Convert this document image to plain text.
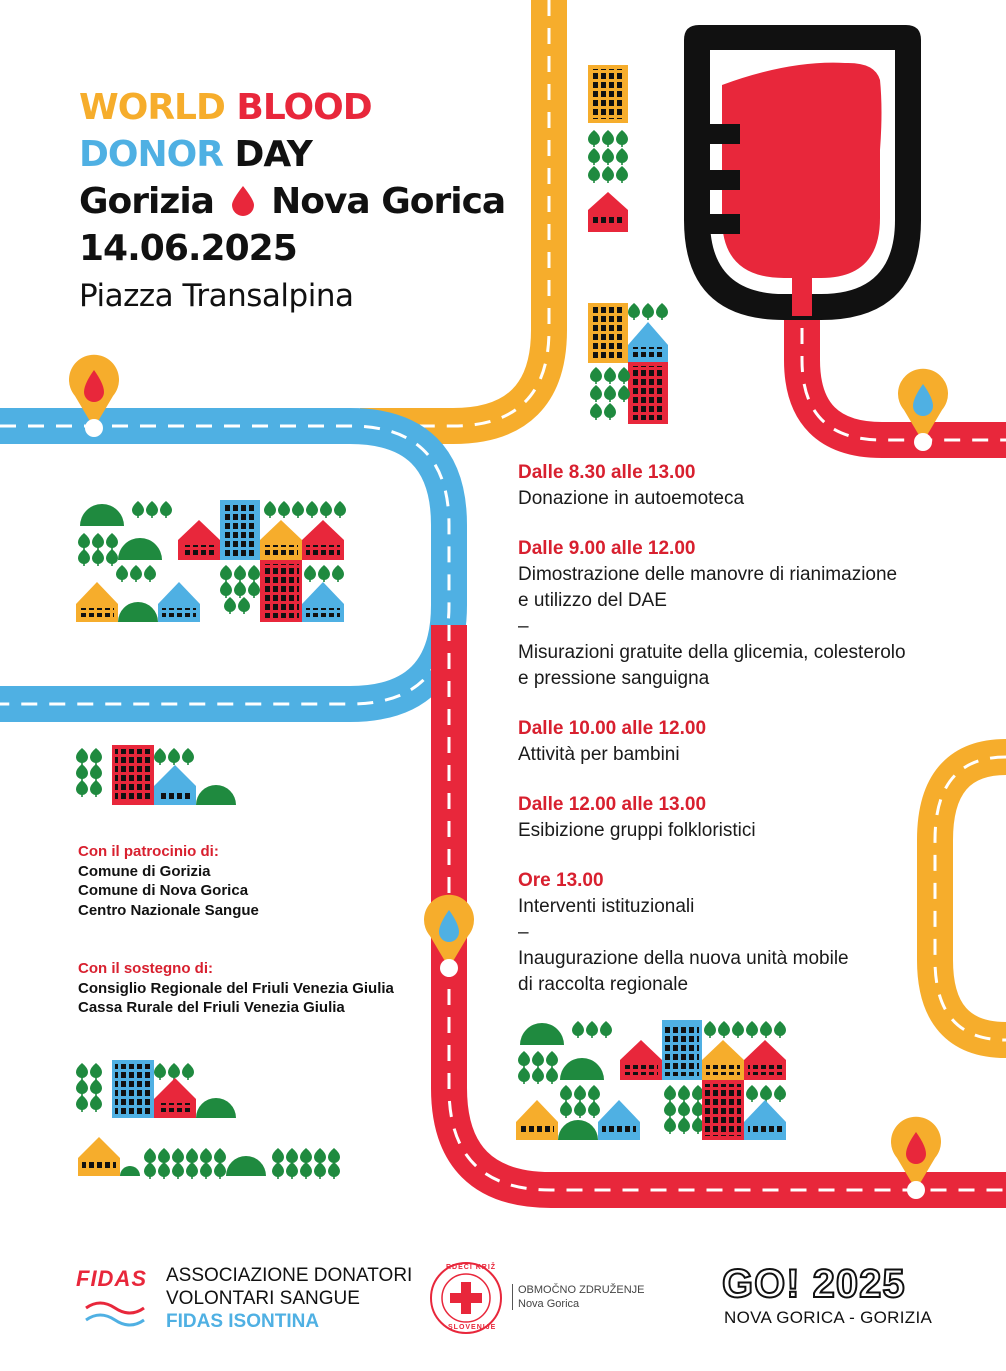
WORLD BLOOD
DONOR DAY
Gorizia Nova Gorica
14.06.2025
Piazza Transalpina
Dalle 8.30 alle 13.00
Donazione in autoemoteca
Dalle 9.00 alle 12.00
Dimostrazione delle manovre di rianimazione
e utilizzo del DAE
–
Misurazioni gratuite della glicemia, colesterolo
e pressione sanguigna
Dalle 10.00 alle 12.00
Attività per bambini
Dalle 12.00 alle 13.00
Esibizione gruppi folkloristici
Ore 13.00
Interventi istituzionali
–
Inaugurazione della nuova unità mobile
di raccolta regionale
Con il patrocinio di:
Comune di Gorizia
Comune di Nova Gorica
Centro Nazionale Sangue
Con il sostegno di:
Consiglio Regionale del Friuli Venezia Giulia
Cassa Rurale del Friuli Venezia Giulia
FIDAS ASSOCIAZIONE DONATORI
VOLONTARI SANGUE
FIDAS ISONTINA
RDEČI KRIŽ
SLOVENIJE
OBMOČNO ZDRUŽENJE
Nova Gorica	GO! 2025
NOVA GORICA - GORIZIA
